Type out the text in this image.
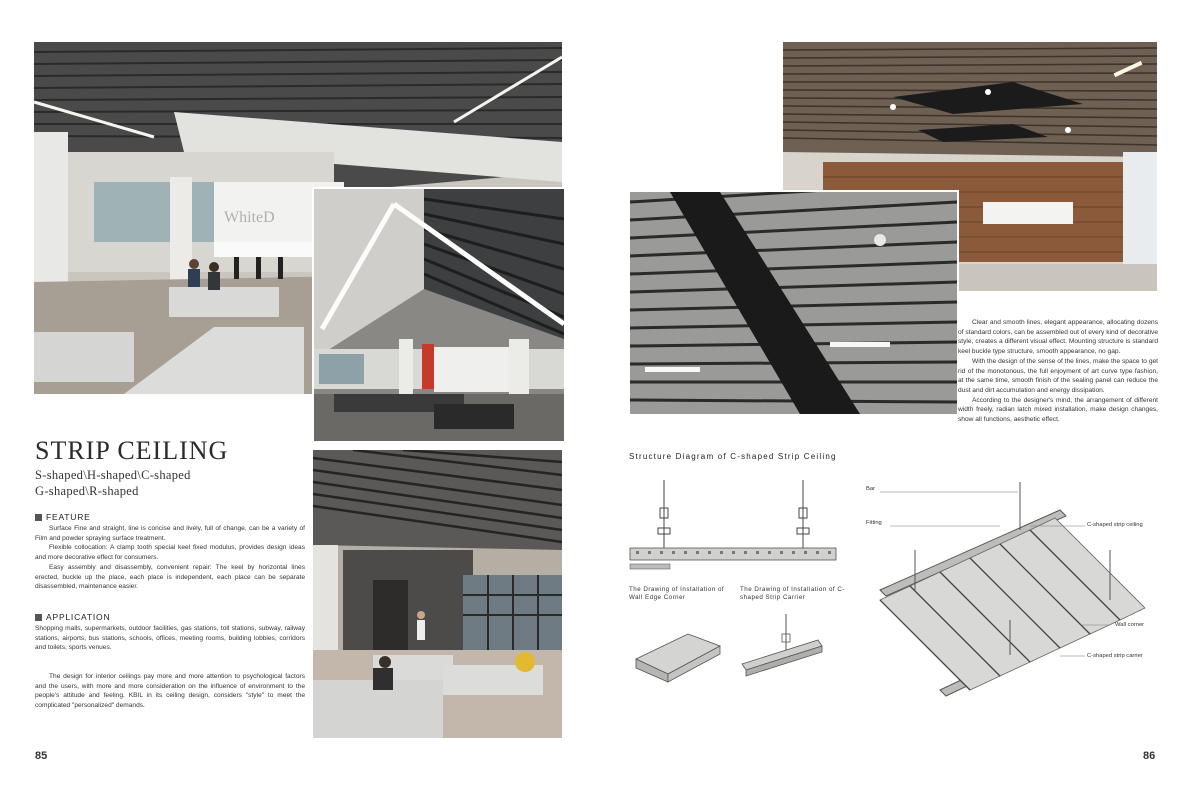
WhiteD
STRIP CEILING
S-shaped\H-shaped\C-shaped
G-shaped\R-shaped
FEATURE

Surface Fine and straight, line is concise and lively, full of change, can be a variety of Film and powder spraying surface treatment.

Flexible collocation: A clamp tooth special keel fixed modulus, provides design ideas and more decorative effect for consumers.

Easy assembly and disassembly, convenient repair: The keel by horizontal lines erected, buckle up the place, each place is independent, each place can be separate disassembled, maintenance easier.

APPLICATION

Shopping malls, supermarkets, outdoor facilities, gas stations, toll stations, subway, railway stations, airports, bus stations, schools, offices, meeting rooms, building lobbies, corridors and toilets, sports venues.

The design for interior ceilings pay more and more attention to psychological factors and the users, with more and more consideration on the influence of environment to the people's attitude and feeling. KBIL in its ceiling design, considers "style" to meet the complicated "personalized" demands.

85

Clear and smooth lines, elegant appearance, allocating dozens of standard colors, can be assembled out of every kind of decorative style, creates a different visual effect. Mounting structure is standard keel buckle type structure, smooth appearance, no gap.

With the design of the sense of the lines, make the space to get rid of the monotonous, the full enjoyment of art curve type fashion, at the same time, smooth finish of the sealing panel can reduce the dust and dirt accumulation and energy dissipation.

According to the designer's mind, the arrangement of different width freely, radian latch mixed installation, make design changes, show all functions, aesthetic effect.

Structure Diagram of C-shaped Strip Ceiling
The Drawing of Installation of Wall Edge Corner
The Drawing of Installation of C-shaped Strip Carrier
Bar
Fitting	C-shaped strip ceiling
Wall corner
C-shaped strip carrier
86
